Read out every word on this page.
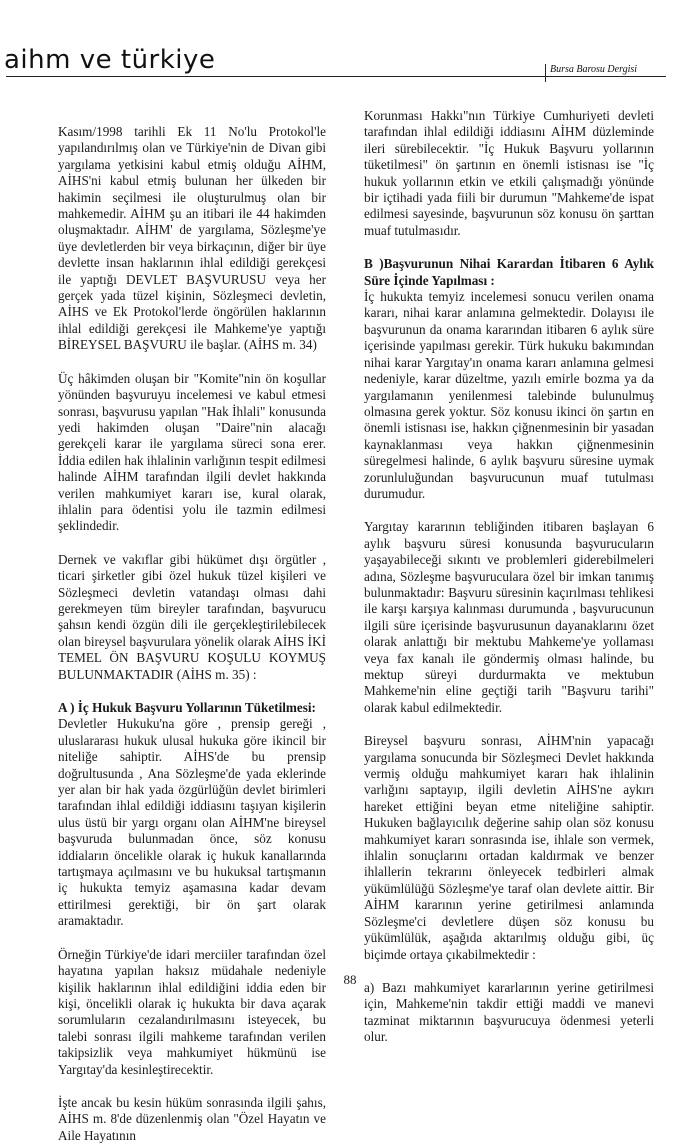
aihm ve türkiye	Bursa Barosu Dergisi

Kasım/1998 tarihli Ek 11 No'lu Protokol'le yapılandırılmış olan ve Türkiye'nin de Divan gibi yargılama yetkisini kabul etmiş olduğu AİHM, AİHS'ni kabul etmiş bulunan her ülkeden bir hakimin seçilmesi ile oluşturulmuş olan bir mahkemedir. AİHM şu an itibari ile 44 hakimden oluşmaktadır. AİHM' de yargılama, Sözleşme'ye üye devletlerden bir veya birkaçının, diğer bir üye devlette insan haklarının ihlal edildiği gerekçesi ile yaptığı DEVLET BAŞVURUSU veya her gerçek yada tüzel kişinin, Sözleşmeci devletin, AİHS ve Ek Protokol'lerde öngörülen haklarının ihlal edildiği gerekçesi ile Mahkeme'ye yaptığı BİREYSEL BAŞVURU ile başlar. (AİHS m. 34)

Üç hâkimden oluşan bir "Komite"nin ön koşullar yönünden başvuruyu incelemesi ve kabul etmesi sonrası, başvurusu yapılan "Hak İhlali" konusunda yedi hakimden oluşan "Daire"nin alacağı gerekçeli karar ile yargılama süreci sona erer. İddia edilen hak ihlalinin varlığının tespit edilmesi halinde AİHM tarafından ilgili devlet hakkında verilen mahkumiyet kararı ise, kural olarak, ihlalin para ödentisi yolu ile tazmin edilmesi şeklindedir.

Dernek ve vakıflar gibi hükümet dışı örgütler , ticari şirketler gibi özel hukuk tüzel kişileri ve Sözleşmeci devletin vatandaşı olması dahi gerekmeyen tüm bireyler tarafından, başvurucu şahsın kendi özgün dili ile gerçekleştirilebilecek olan bireysel başvurulara yönelik olarak AİHS İKİ TEMEL ÖN BAŞVURU KOŞULU KOYMUŞ BULUNMAKTADIR (AİHS m. 35) :

A ) İç Hukuk Başvuru Yollarının Tüketilmesi:

Devletler Hukuku'na göre , prensip gereği , uluslararası hukuk ulusal hukuka göre ikincil bir niteliğe sahiptir. AİHS'de bu prensip doğrultusunda , Ana Sözleşme'de yada eklerinde yer alan bir hak yada özgürlüğün devlet birimleri tarafından ihlal edildiği iddiasını taşıyan kişilerin ulus üstü bir yargı organı olan AİHM'ne bireysel başvuruda bulunmadan önce, söz konusu iddiaların öncelikle olarak iç hukuk kanallarında tartışmaya açılmasını ve bu hukuksal tartışmanın iç hukukta temyiz aşamasına kadar devam ettirilmesi gerektiği, bir ön şart olarak aramaktadır.

Örneğin Türkiye'de idari merciiler tarafından özel hayatına yapılan haksız müdahale nedeniyle kişilik haklarının ihlal edildiğini iddia eden bir kişi, öncelikli olarak iç hukukta bir dava açarak sorumluların cezalandırılmasını isteyecek, bu talebi sonrası ilgili mahkeme tarafından verilen takipsizlik veya mahkumiyet hükmünü ise Yargıtay'da kesinleştirecektir.

İşte ancak bu kesin hüküm sonrasında ilgili şahıs, AİHS m. 8'de düzenlenmiş olan "Özel Hayatın ve Aile Hayatının

Korunması Hakkı"nın Türkiye Cumhuriyeti devleti tarafından ihlal edildiği iddiasını AİHM düzleminde ileri sürebilecektir. "İç Hukuk Başvuru yollarının tüketilmesi" ön şartının en önemli istisnası ise "İç hukuk yollarının etkin ve etkili çalışmadığı yönünde bir içtihadi yada fiili bir durumun "Mahkeme'de ispat edilmesi sayesinde, başvurunun söz konusu ön şarttan muaf tutulmasıdır.

B )Başvurunun Nihai Karardan İtibaren 6 Aylık Süre İçinde Yapılması :

İç hukukta temyiz incelemesi sonucu verilen onama kararı, nihai karar anlamına gelmektedir. Dolayısı ile başvurunun da onama kararından itibaren 6 aylık süre içerisinde yapılması gerekir. Türk hukuku bakımından nihai karar Yargıtay'ın onama kararı anlamına gelmesi nedeniyle, karar düzeltme, yazılı emirle bozma ya da yargılamanın yenilenmesi talebinde bulunulmuş olmasına gerek yoktur. Söz konusu ikinci ön şartın en önemli istisnası ise, hakkın çiğnenmesinin bir yasadan kaynaklanması veya hakkın çiğnenmesinin süregelmesi halinde, 6 aylık başvuru süresine uymak zorunluluğundan başvurucunun muaf tutulması durumudur.

Yargıtay kararının tebliğinden itibaren başlayan 6 aylık başvuru süresi konusunda başvurucuların yaşayabileceği sıkıntı ve problemleri giderebilmeleri adına, Sözleşme başvurucularа özel bir imkan tanımış bulunmaktadır: Başvuru süresinin kaçırılması tehlikesi ile karşı karşıya kalınması durumunda , başvurucunun ilgili süre içerisinde başvurusunun dayanaklarını özet olarak anlattığı bir mektubu Mahkeme'ye yollaması veya fax kanalı ile göndermiş olması halinde, bu mektup süreyi durdurmakta ve mektubun Mahkeme'nin eline geçtiği tarih "Başvuru tarihi" olarak kabul edilmektedir.

Bireysel başvuru sonrası, AİHM'nin yapacağı yargılama sonucunda bir Sözleşmeci Devlet hakkında vermiş olduğu mahkumiyet kararı hak ihlalinin varlığını saptayıp, ilgili devletin AİHS'ne aykırı hareket ettiğini beyan etme niteliğine sahiptir. Hukuken bağlayıcılık değerine sahip olan söz konusu mahkumiyet kararı sonrasında ise, ihlale son vermek, ihlalin sonuçlarını ortadan kaldırmak ve benzer ihlallerin tekrarını önleyecek tedbirleri almak yükümlülüğü Sözleşme'ye taraf olan devlete aittir. Bir AİHM kararının yerine getirilmesi anlamında Sözleşme'ci devletlere düşen söz konusu bu yükümlülük, aşağıda aktarılmış olduğu gibi, üç biçimde ortaya çıkabilmektedir :

a) Bazı mahkumiyet kararlarının yerine getirilmesi için, Mahkeme'nin takdir ettiği maddi ve manevi tazminat miktarının başvurucuya ödenmesi yeterli olur.

88
